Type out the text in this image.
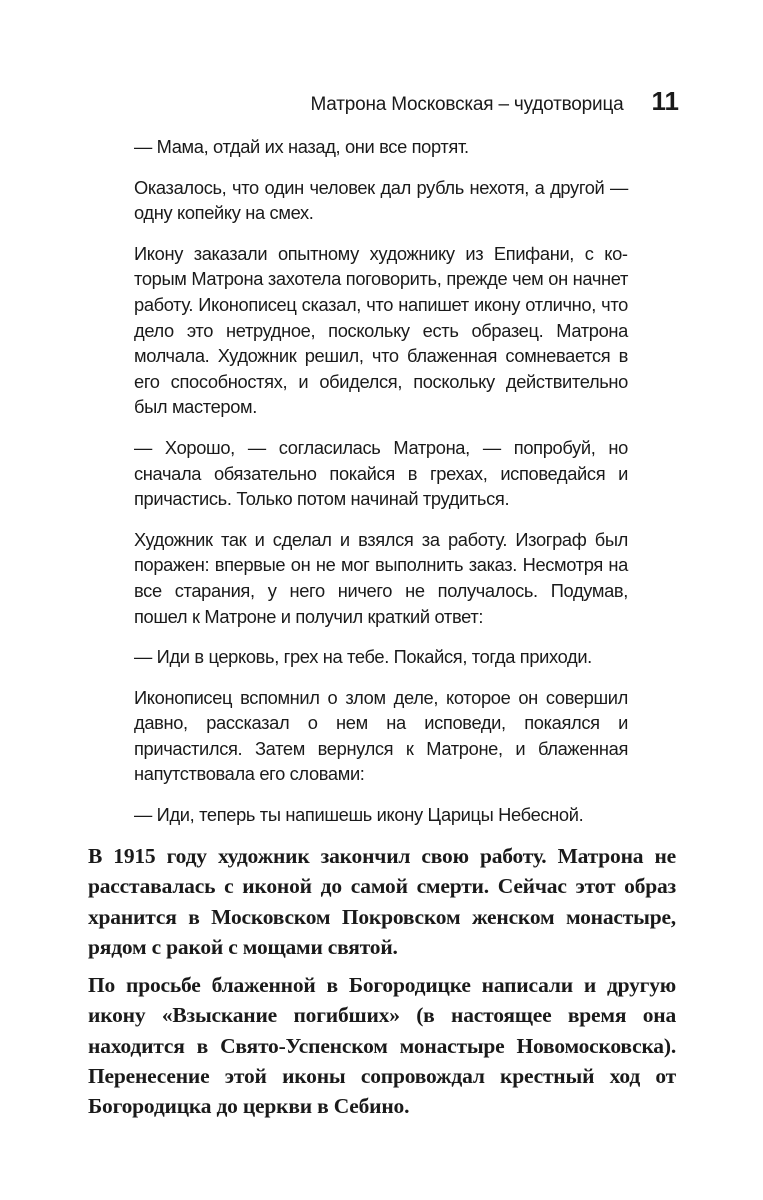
Матрона Московская – чудотворица 11

— Мама, отдай их назад, они все портят.

Оказалось, что один человек дал рубль нехотя, а другой — одну копейку на смех.

Икону заказали опытному художнику из Епифани, с которым Матрона захотела поговорить, прежде чем он начнет работу. Иконописец сказал, что напишет икону отлично, что дело это нетрудное, поскольку есть образец. Матрона молчала. Художник решил, что блаженная сомневается в его способностях, и обиделся, поскольку действительно был мастером.

— Хорошо, — согласилась Матрона, — попробуй, но сначала обязательно покайся в грехах, исповедайся и причастись. Только потом начинай трудиться.

Художник так и сделал и взялся за работу. Изограф был поражен: впервые он не мог выполнить заказ. Несмотря на все старания, у него ничего не получалось. Подумав, пошел к Матроне и получил краткий ответ:

— Иди в церковь, грех на тебе. Покайся, тогда приходи.

Иконописец вспомнил о злом деле, которое он совершил давно, рассказал о нем на исповеди, покаялся и причастился. Затем вернулся к Матроне, и блаженная напутствовала его словами:

— Иди, теперь ты напишешь икону Царицы Небесной.

В 1915 году художник закончил свою работу. Матрона не расставалась с иконой до самой смерти. Сейчас этот образ хранится в Московском Покровском женском монастыре, рядом с ракой с мощами святой.

По просьбе блаженной в Богородицке написали и другую икону «Взыскание погибших» (в настоящее время она находится в Свято-Успенском монастыре Новомосковска). Перенесение этой иконы сопровождал крестный ход от Богородицка до церкви в Себино.
